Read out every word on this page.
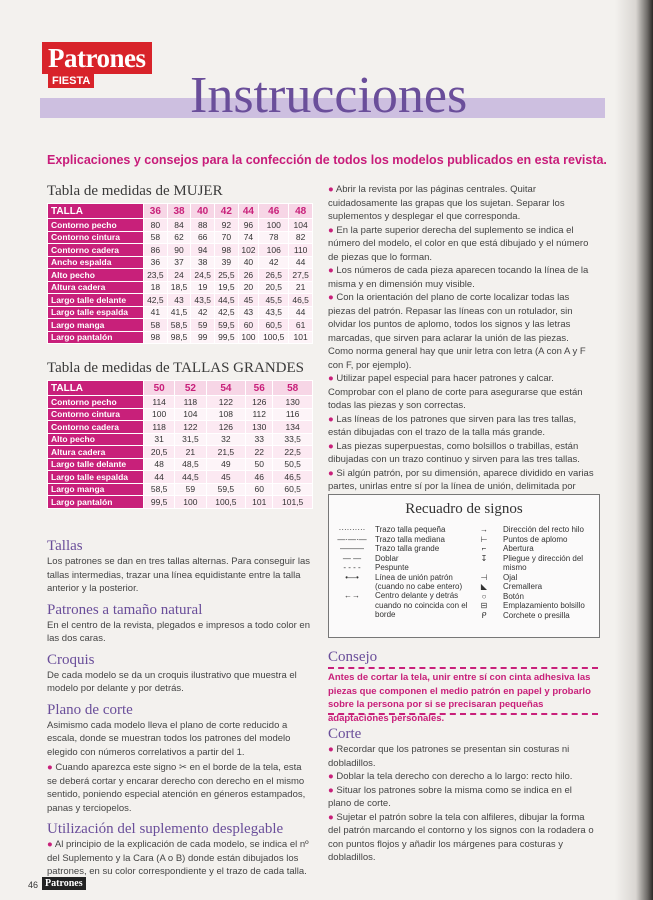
Patrones
FIESTA Instrucciones
Explicaciones y consejos para la confección de todos los modelos publicados en esta revista.
Tabla de medidas de MUJER
TALLA	36	38	40	42	44	46	48
Contorno pecho	80	84	88	92	96	100	104
Contorno cintura	58	62	66	70	74	78	82
Contorno cadera	86	90	94	98	102	106	110
Ancho espalda	36	37	38	39	40	42	44
Alto pecho	23,5	24	24,5	25,5	26	26,5	27,5
Altura cadera	18	18,5	19	19,5	20	20,5	21
Largo talle delante	42,5	43	43,5	44,5	45	45,5	46,5
Largo talle espalda	41	41,5	42	42,5	43	43,5	44
Largo manga	58	58,5	59	59,5	60	60,5	61
Largo pantalón	98	98,5	99	99,5	100	100,5	101
Tabla de medidas de TALLAS GRANDES
TALLA	50	52	54	56	58
Contorno pecho	114	118	122	126	130
Contorno cintura	100	104	108	112	116
Contorno cadera	118	122	126	130	134
Alto pecho	31	31,5	32	33	33,5
Altura cadera	20,5	21	21,5	22	22,5
Largo talle delante	48	48,5	49	50	50,5
Largo talle espalda	44	44,5	45	46	46,5
Largo manga	58,5	59	59,5	60	60,5
Largo pantalón	99,5	100	100,5	101	101,5
Tallas
Los patrones se dan en tres tallas alternas. Para conseguir las tallas intermedias, trazar una línea equidistante entre la talla anterior y la posterior.
Patrones a tamaño natural
En el centro de la revista, plegados e impresos a todo color en las dos caras.
Croquis
De cada modelo se da un croquis ilustrativo que muestra el modelo por delante y por detrás.
Plano de corte
Asimismo cada modelo lleva el plano de corte reducido a escala, donde se muestran todos los patrones del modelo elegido con números correlativos a partir del 1.
● Cuando aparezca este signo ✂ en el borde de la tela, esta se deberá cortar y encarar derecho con derecho en el mismo sentido, poniendo especial atención en géneros estampados, panas y terciopelos.
Utilización del suplemento desplegable
● Al principio de la explicación de cada modelo, se indica el nº del Suplemento y la Cara (A o B) donde están dibujados los patrones, en su color correspondiente y el trazo de cada talla.
● Abrir la revista por las páginas centrales. Quitar cuidadosamente las grapas que los sujetan. Separar los suplementos y desplegar el que corresponda.
● En la parte superior derecha del suplemento se indica el número del modelo, el color en que está dibujado y el número de piezas que lo forman.
● Los números de cada pieza aparecen tocando la línea de la misma y en dimensión muy visible.
● Con la orientación del plano de corte localizar todas las piezas del patrón. Repasar las líneas con un rotulador, sin olvidar los puntos de aplomo, todos los signos y las letras marcadas, que sirven para aclarar la unión de las piezas. Como norma general hay que unir letra con letra (A con A y F con F, por ejemplo).
● Utilizar papel especial para hacer patrones y calcar. Comprobar con el plano de corte para asegurarse que están todas las piezas y son correctas.
● Las líneas de los patrones que sirven para las tres tallas, están dibujadas con el trazo de la talla más grande.
● Las piezas superpuestas, como bolsillos o trabillas, están dibujadas con un trazo continuo y sirven para las tres tallas.
● Si algún patrón, por su dimensión, aparece dividido en varias partes, unirlas entre sí por la línea de unión, delimitada por
Recuadro de signos
·········· Trazo talla pequeña
—·—·— Trazo talla mediana
———	Trazo talla grande
— —	Doblar
- - - -	Pespunte
•—•	Línea de unión patrón (cuando no cabe entero)
←→	Centro delante y detrás cuando no coincida con el borde
→	Dirección del recto hilo
⊢	Puntos de aplomo
⌐	Abertura
↧	Pliegue y dirección del mismo
⊣	Ojal
◣	Cremallera
○	Botón
⊟	Emplazamiento bolsillo
ᑭ	Corchete o presilla
Consejo
Antes de cortar la tela, unir entre sí con cinta adhesiva las piezas que componen el medio patrón en papel y probarlo sobre la persona por si se precisaran pequeñas adaptaciones personales.
Corte
● Recordar que los patrones se presentan sin costuras ni dobladillos.
● Doblar la tela derecho con derecho a lo largo: recto hilo.
● Situar los patrones sobre la misma como se indica en el plano de corte.
● Sujetar el patrón sobre la tela con alfileres, dibujar la forma del patrón marcando el contorno y los signos con la rodadera o con puntos flojos y añadir los márgenes para costuras y dobladillos.
46 Patrones
